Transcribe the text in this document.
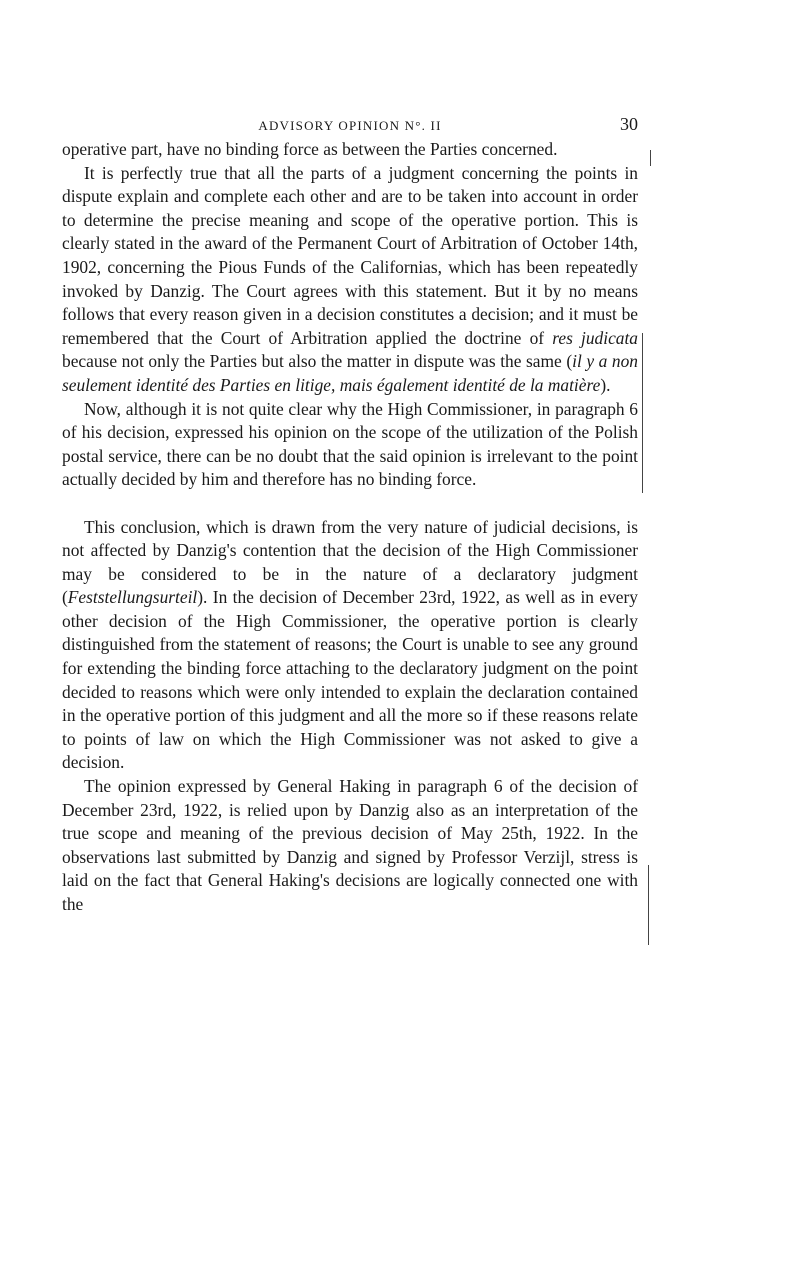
ADVISORY OPINION N°. II	30

operative part, have no binding force as between the Parties concerned.

It is perfectly true that all the parts of a judgment concerning the points in dispute explain and complete each other and are to be taken into account in order to determine the precise meaning and scope of the operative portion. This is clearly stated in the award of the Permanent Court of Arbitration of October 14th, 1902, concerning the Pious Funds of the Californias, which has been repeatedly invoked by Danzig. The Court agrees with this statement. But it by no means follows that every reason given in a decision constitutes a decision; and it must be remembered that the Court of Arbitration applied the doctrine of res judicata because not only the Parties but also the matter in dispute was the same (il y a non seulement identité des Parties en litige, mais également identité de la matière).

Now, although it is not quite clear why the High Commissioner, in paragraph 6 of his decision, expressed his opinion on the scope of the utilization of the Polish postal service, there can be no doubt that the said opinion is irrelevant to the point actually decided by him and therefore has no binding force.

This conclusion, which is drawn from the very nature of judicial decisions, is not affected by Danzig's contention that the decision of the High Commissioner may be considered to be in the nature of a declaratory judgment (Feststellungsurteil). In the decision of December 23rd, 1922, as well as in every other decision of the High Commissioner, the operative portion is clearly distinguished from the statement of reasons; the Court is unable to see any ground for extending the binding force attaching to the declaratory judgment on the point decided to reasons which were only intended to explain the declaration contained in the operative portion of this judgment and all the more so if these reasons relate to points of law on which the High Commissioner was not asked to give a decision.

The opinion expressed by General Haking in paragraph 6 of the decision of December 23rd, 1922, is relied upon by Danzig also as an interpretation of the true scope and meaning of the previous decision of May 25th, 1922. In the observations last submitted by Danzig and signed by Professor Verzijl, stress is laid on the fact that General Haking's decisions are logically connected one with the
